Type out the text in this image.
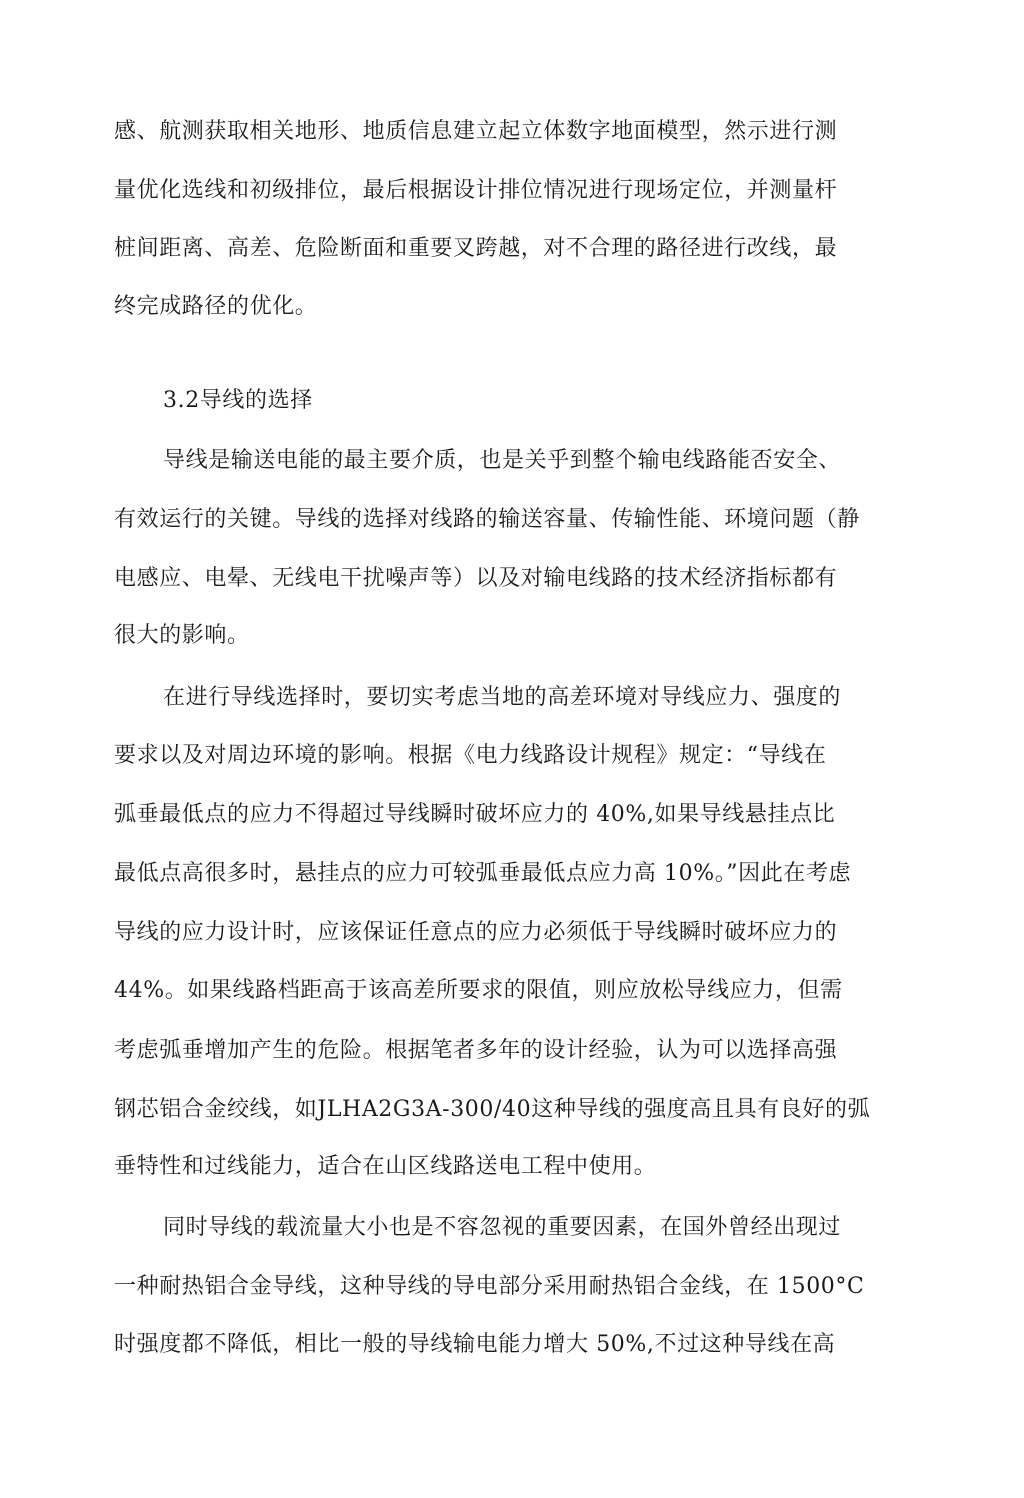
感、航测获取相关地形、地质信息建立起立体数字地面模型，然示进行测
量优化选线和初级排位，最后根据设计排位情况进行现场定位，并测量杆
桩间距离、高差、危险断面和重要叉跨越，对不合理的路径进行改线，最
终完成路径的优化。
3.2导线的选择
导线是输送电能的最主要介质，也是关乎到整个输电线路能否安全、
有效运行的关键。导线的选择对线路的输送容量、传输性能、环境问题（静
电感应、电晕、无线电干扰噪声等）以及对输电线路的技术经济指标都有
很大的影响。
在进行导线选择时，要切实考虑当地的高差环境对导线应力、强度的
要求以及对周边环境的影响。根据《电力线路设计规程》规定：“导线在
弧垂最低点的应力不得超过导线瞬时破坏应力的 40%,如果导线悬挂点比
最低点高很多时，悬挂点的应力可较弧垂最低点应力高 10%。”因此在考虑
导线的应力设计时，应该保证任意点的应力必须低于导线瞬时破坏应力的
44%。如果线路档距高于该高差所要求的限值，则应放松导线应力，但需
考虑弧垂增加产生的危险。根据笔者多年的设计经验，认为可以选择高强
钢芯铝合金绞线，如JLHA2G3A-300/40这种导线的强度高且具有良好的弧
垂特性和过线能力，适合在山区线路送电工程中使用。
同时导线的载流量大小也是不容忽视的重要因素，在国外曾经出现过
一种耐热铝合金导线，这种导线的导电部分采用耐热铝合金线，在 1500°C
时强度都不降低，相比一般的导线输电能力增大 50%,不过这种导线在高
